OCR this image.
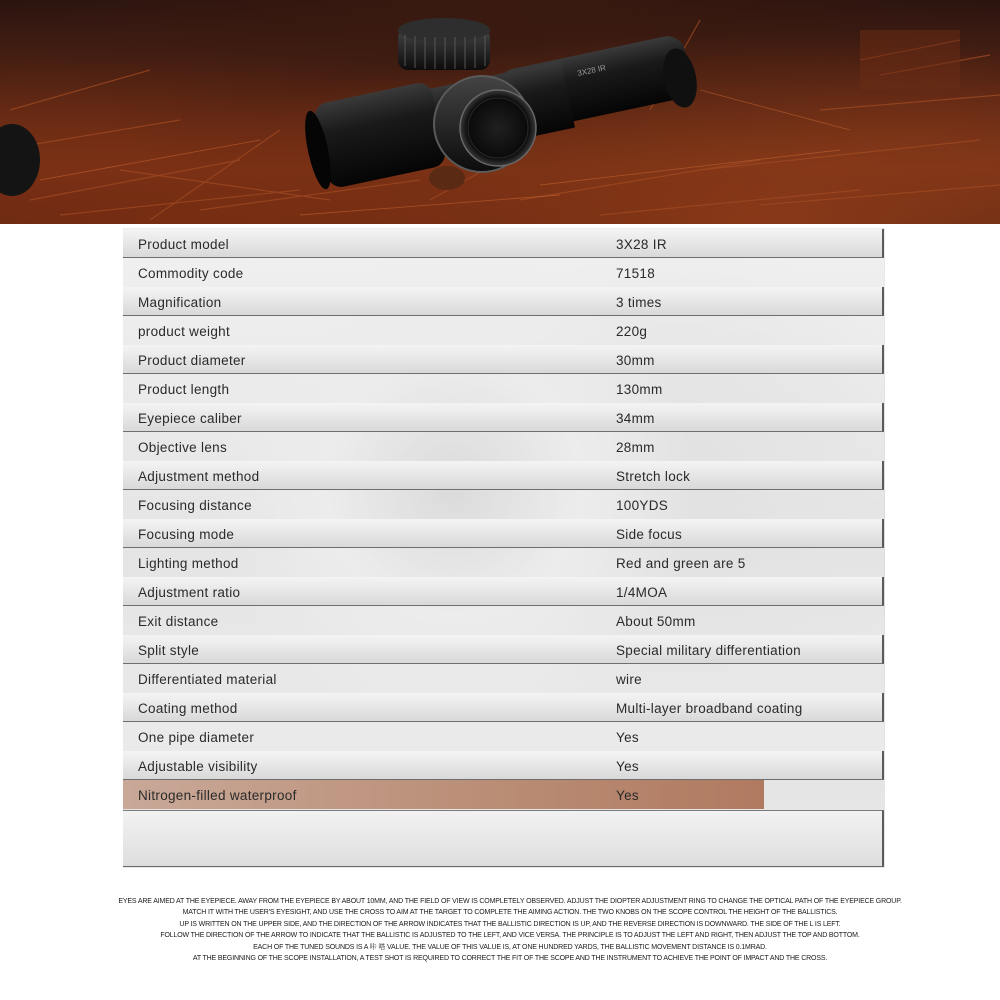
3X28 IR
Nitrogen-filled waterproof	Yes
Adjustable visibility	Yes
One pipe diameter	Yes
Coating method	Multi-layer broadband coating
Differentiated material	wire
Split style	Special military differentiation
Exit distance	About 50mm
Adjustment ratio	1/4MOA
Lighting method	Red and green are 5
Focusing mode	Side focus
Focusing distance	100YDS
Adjustment method	Stretch lock
Objective lens	28mm
Eyepiece caliber	34mm
Product length	130mm
Product diameter	30mm
product weight	220g
Magnification	3 times
Commodity code	71518
Product model	3X28 IR
EYES ARE AIMED AT THE EYEPIECE. AWAY FROM THE EYEPIECE BY ABOUT 10MM, AND THE FIELD OF VIEW IS COMPLETELY OBSERVED. ADJUST THE DIOPTER ADJUSTMENT RING TO CHANGE THE OPTICAL PATH OF THE EYEPIECE GROUP.
MATCH IT WITH THE USER'S EYESIGHT, AND USE THE CROSS TO AIM AT THE TARGET TO COMPLETE THE AIMING ACTION. THE TWO KNOBS ON THE SCOPE CONTROL THE HEIGHT OF THE BALLISTICS.
UP IS WRITTEN ON THE UPPER SIDE, AND THE DIRECTION OF THE ARROW INDICATES THAT THE BALLISTIC DIRECTION IS UP, AND THE REVERSE DIRECTION IS DOWNWARD. THE SIDE OF THE L IS LEFT.
FOLLOW THE DIRECTION OF THE ARROW TO INDICATE THAT THE BALLISTIC IS ADJUSTED TO THE LEFT, AND VICE VERSA. THE PRINCIPLE IS TO ADJUST THE LEFT AND RIGHT, THEN ADJUST THE TOP AND BOTTOM.
EACH OF THE TUNED SOUNDS IS A 咔 嗒 VALUE. THE VALUE OF THIS VALUE IS, AT ONE HUNDRED YARDS, THE BALLISTIC MOVEMENT DISTANCE IS 0.1MRAD.
AT THE BEGINNING OF THE SCOPE INSTALLATION, A TEST SHOT IS REQUIRED TO CORRECT THE FIT OF THE SCOPE AND THE INSTRUMENT TO ACHIEVE THE POINT OF IMPACT AND THE CROSS.
